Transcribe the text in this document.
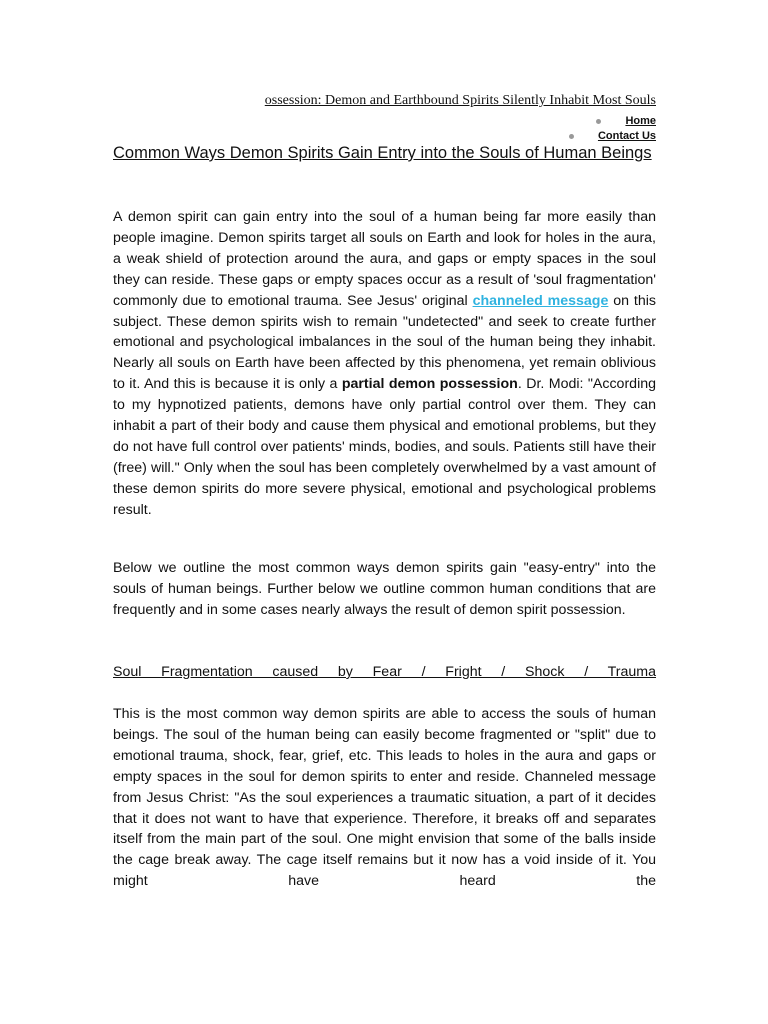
ossession: Demon and Earthbound Spirits Silently Inhabit Most Souls
Home
Contact Us
Common Ways Demon Spirits Gain Entry into the Souls of Human Beings

A demon spirit can gain entry into the soul of a human being far more easily than people imagine. Demon spirits target all souls on Earth and look for holes in the aura, a weak shield of protection around the aura, and gaps or empty spaces in the soul they can reside. These gaps or empty spaces occur as a result of 'soul fragmentation' commonly due to emotional trauma. See Jesus' original channeled message on this subject. These demon spirits wish to remain "undetected" and seek to create further emotional and psychological imbalances in the soul of the human being they inhabit. Nearly all souls on Earth have been affected by this phenomena, yet remain oblivious to it. And this is because it is only a partial demon possession. Dr. Modi: "According to my hypnotized patients, demons have only partial control over them. They can inhabit a part of their body and cause them physical and emotional problems, but they do not have full control over patients' minds, bodies, and souls. Patients still have their (free) will." Only when the soul has been completely overwhelmed by a vast amount of these demon spirits do more severe physical, emotional and psychological problems result.

Below we outline the most common ways demon spirits gain "easy-entry" into the souls of human beings. Further below we outline common human conditions that are frequently and in some cases nearly always the result of demon spirit possession.

Soul Fragmentation caused by Fear / Fright / Shock / Trauma

This is the most common way demon spirits are able to access the souls of human beings. The soul of the human being can easily become fragmented or "split" due to emotional trauma, shock, fear, grief, etc. This leads to holes in the aura and gaps or empty spaces in the soul for demon spirits to enter and reside. Channeled message from Jesus Christ: "As the soul experiences a traumatic situation, a part of it decides that it does not want to have that experience. Therefore, it breaks off and separates itself from the main part of the soul. One might envision that some of the balls inside the cage break away. The cage itself remains but it now has a void inside of it. You might have heard the
